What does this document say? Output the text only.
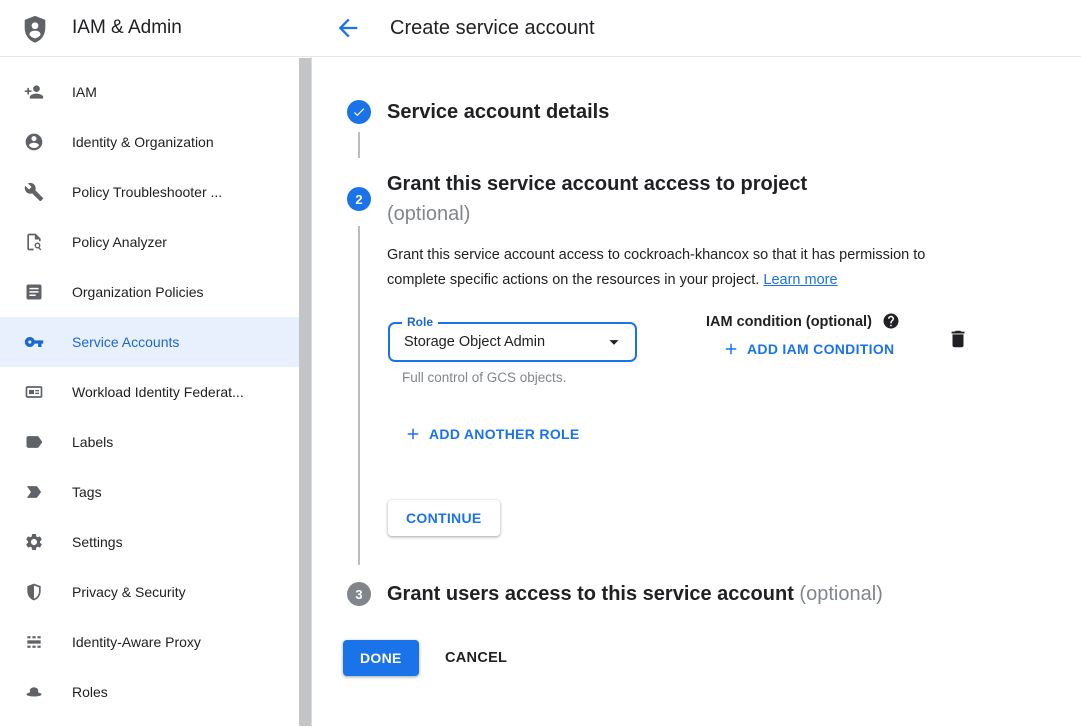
IAM & Admin	Create service account
IAM
Identity & Organization
Policy Troubleshooter ...
Policy Analyzer
Organization Policies
Service Accounts
Workload Identity Federat...
Labels
Tags
Settings
Privacy & Security
Identity-Aware Proxy
Roles
Service account details
2
Grant this service account access to project
(optional)
Grant this service account access to cockroach-khancox so that it has permission to complete specific actions on the resources in your project. Learn more
Role
Storage Object Admin
Full control of GCS objects.
IAM condition (optional)
ADD IAM CONDITION
ADD ANOTHER ROLE
CONTINUE
3 Grant users access to this service account (optional)
DONE	CANCEL
